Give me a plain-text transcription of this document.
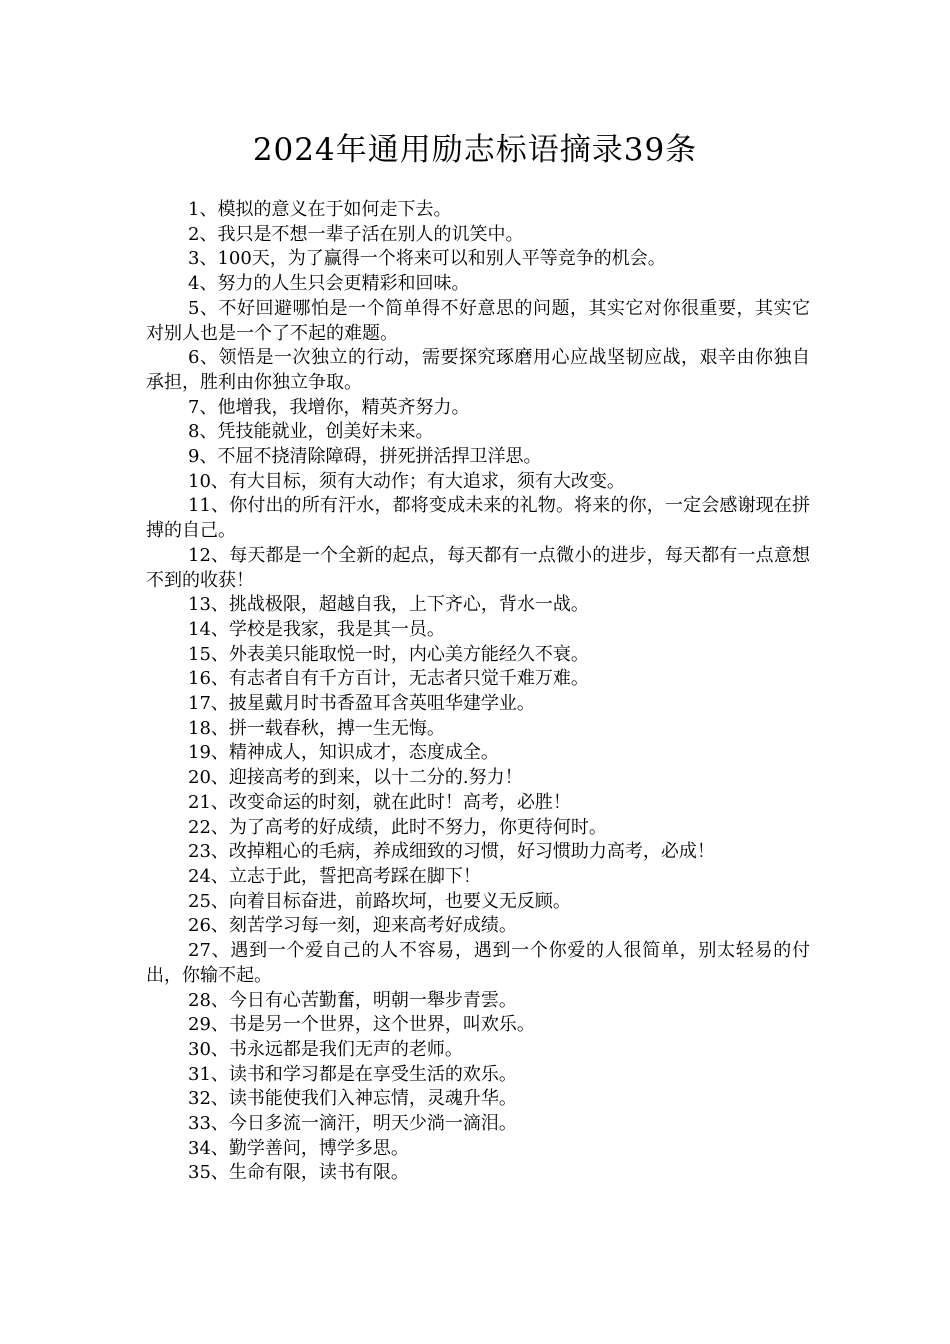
2024年通用励志标语摘录39条
1、模拟的意义在于如何走下去。
2、我只是不想一辈子活在别人的讥笑中。
3、100天，为了赢得一个将来可以和别人平等竞争的机会。
4、努力的人生只会更精彩和回味。
5、不好回避哪怕是一个简单得不好意思的问题，其实它对你很重要，其实它对别人也是一个了不起的难题。
6、领悟是一次独立的行动，需要探究琢磨用心应战坚韧应战，艰辛由你独自承担，胜利由你独立争取。
7、他增我，我增你，精英齐努力。
8、凭技能就业，创美好未来。
9、不屈不挠清除障碍，拼死拼活捍卫洋思。
10、有大目标，须有大动作；有大追求，须有大改变。
11、你付出的所有汗水，都将变成未来的礼物。将来的你，一定会感谢现在拼搏的自己。
12、每天都是一个全新的起点，每天都有一点微小的进步，每天都有一点意想不到的收获！
13、挑战极限，超越自我，上下齐心，背水一战。
14、学校是我家，我是其一员。
15、外表美只能取悦一时，内心美方能经久不衰。
16、有志者自有千方百计，无志者只觉千难万难。
17、披星戴月时书香盈耳含英咀华建学业。
18、拼一载春秋，搏一生无悔。
19、精神成人，知识成才，态度成全。
20、迎接高考的到来，以十二分的.努力！
21、改变命运的时刻，就在此时！高考，必胜！
22、为了高考的好成绩，此时不努力，你更待何时。
23、改掉粗心的毛病，养成细致的习惯，好习惯助力高考，必成！
24、立志于此，誓把高考踩在脚下！
25、向着目标奋进，前路坎坷，也要义无反顾。
26、刻苦学习每一刻，迎来高考好成绩。
27、遇到一个爱自己的人不容易，遇到一个你爱的人很简单，别太轻易的付出，你输不起。
28、今日有心苦勤奮，明朝一舉步青雲。
29、书是另一个世界，这个世界，叫欢乐。
30、书永远都是我们无声的老师。
31、读书和学习都是在享受生活的欢乐。
32、读书能使我们入神忘情，灵魂升华。
33、今日多流一滴汗，明天少淌一滴泪。
34、勤学善问，博学多思。
35、生命有限，读书有限。
